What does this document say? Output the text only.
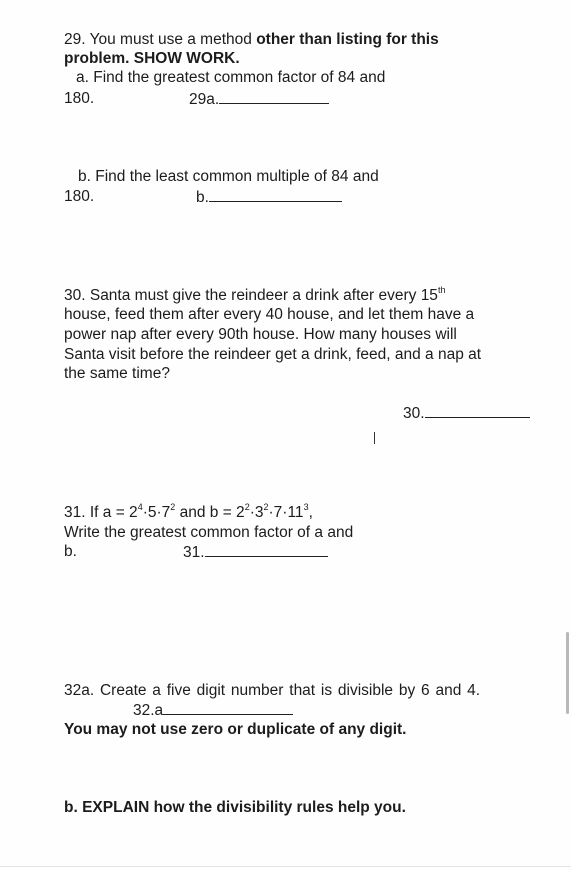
29. You must use a method other than listing for this
problem. SHOW WORK.
a. Find the greatest common factor of 84 and
180.	29a.
b. Find the least common multiple of 84 and
180.	b.
30. Santa must give the reindeer a drink after every 15th
house, feed them after every 40 house, and let them have a
power nap after every 90th house. How many houses will
Santa visit before the reindeer get a drink, feed, and a nap at
the same time?
30.
31. If $a = 2^4\cdot 5\cdot 7^2$ and $b = 2^2\cdot 3^2\cdot 7\cdot 11^3$,
Write the greatest common factor of a and
b.	31.
32a. Create a five digit number that is divisible by 6 and 4.
32.a
You may not use zero or duplicate of any digit.
b. EXPLAIN how the divisibility rules help you.
